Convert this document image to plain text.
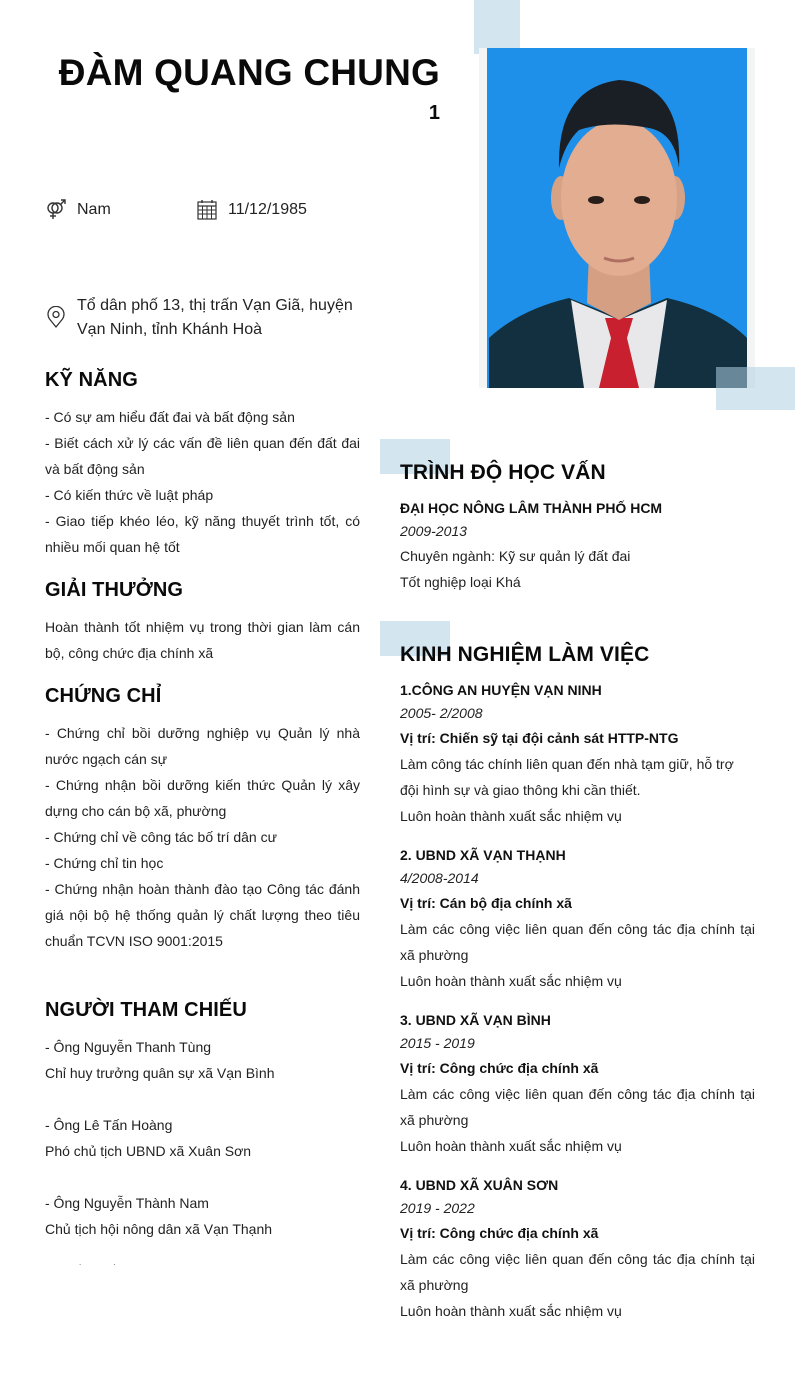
ĐÀM QUANG CHUNG
1
Nam	11/12/1985
Tổ dân phố 13, thị trấn Vạn Giã, huyện Vạn Ninh, tỉnh Khánh Hoà
KỸ NĂNG

- Có sự am hiểu đất đai và bất động sản

- Biết cách xử lý các vấn đề liên quan đến đất đai và bất động sản

- Có kiến thức về luật pháp

- Giao tiếp khéo léo, kỹ năng thuyết trình tốt, có nhiều mối quan hệ tốt

GIẢI THƯỞNG

Hoàn thành tốt nhiệm vụ trong thời gian làm cán bộ, công chức địa chính xã

CHỨNG CHỈ

- Chứng chỉ bồi dưỡng nghiệp vụ Quản lý nhà nước ngạch cán sự

- Chứng nhận bồi dưỡng kiến thức Quản lý xây dựng cho cán bộ xã, phường

- Chứng chỉ về công tác bố trí dân cư

- Chứng chỉ tin học

- Chứng nhận hoàn thành đào tạo Công tác đánh giá nội bộ hệ thống quản lý chất lượng theo tiêu chuẩn TCVN ISO 9001:2015

NGƯỜI THAM CHIẾU

- Ông Nguyễn Thanh Tùng

Chỉ huy trưởng quân sự xã Vạn Bình

- Ông Lê Tấn Hoàng

Phó chủ tịch UBND xã Xuân Sơn

- Ông Nguyễn Thành Nam

Chủ tịch hội nông dân xã Vạn Thạnh

..
TRÌNH ĐỘ HỌC VẤN
ĐẠI HỌC NÔNG LÂM THÀNH PHỐ HCM
2009-2013
Chuyên ngành: Kỹ sư quản lý đất đai
Tốt nghiệp loại Khá
KINH NGHIỆM LÀM VIỆC
1.CÔNG AN HUYỆN VẠN NINH
2005- 2/2008
Vị trí: Chiến sỹ tại đội cảnh sát HTTP-NTG
Làm công tác chính liên quan đến nhà tạm giữ, hỗ trợ đội hình sự và giao thông khi cần thiết.
Luôn hoàn thành xuất sắc nhiệm vụ
2. UBND XÃ VẠN THẠNH
4/2008-2014
Vị trí: Cán bộ địa chính xã
Làm các công việc liên quan đến công tác địa chính tại xã phường
Luôn hoàn thành xuất sắc nhiệm vụ
3. UBND XÃ VẠN BÌNH
2015 - 2019
Vị trí: Công chức địa chính xã
Làm các công việc liên quan đến công tác địa chính tại xã phường
Luôn hoàn thành xuất sắc nhiệm vụ
4. UBND XÃ XUÂN SƠN
2019 - 2022
Vị trí: Công chức địa chính xã
Làm các công việc liên quan đến công tác địa chính tại xã phường
Luôn hoàn thành xuất sắc nhiệm vụ
